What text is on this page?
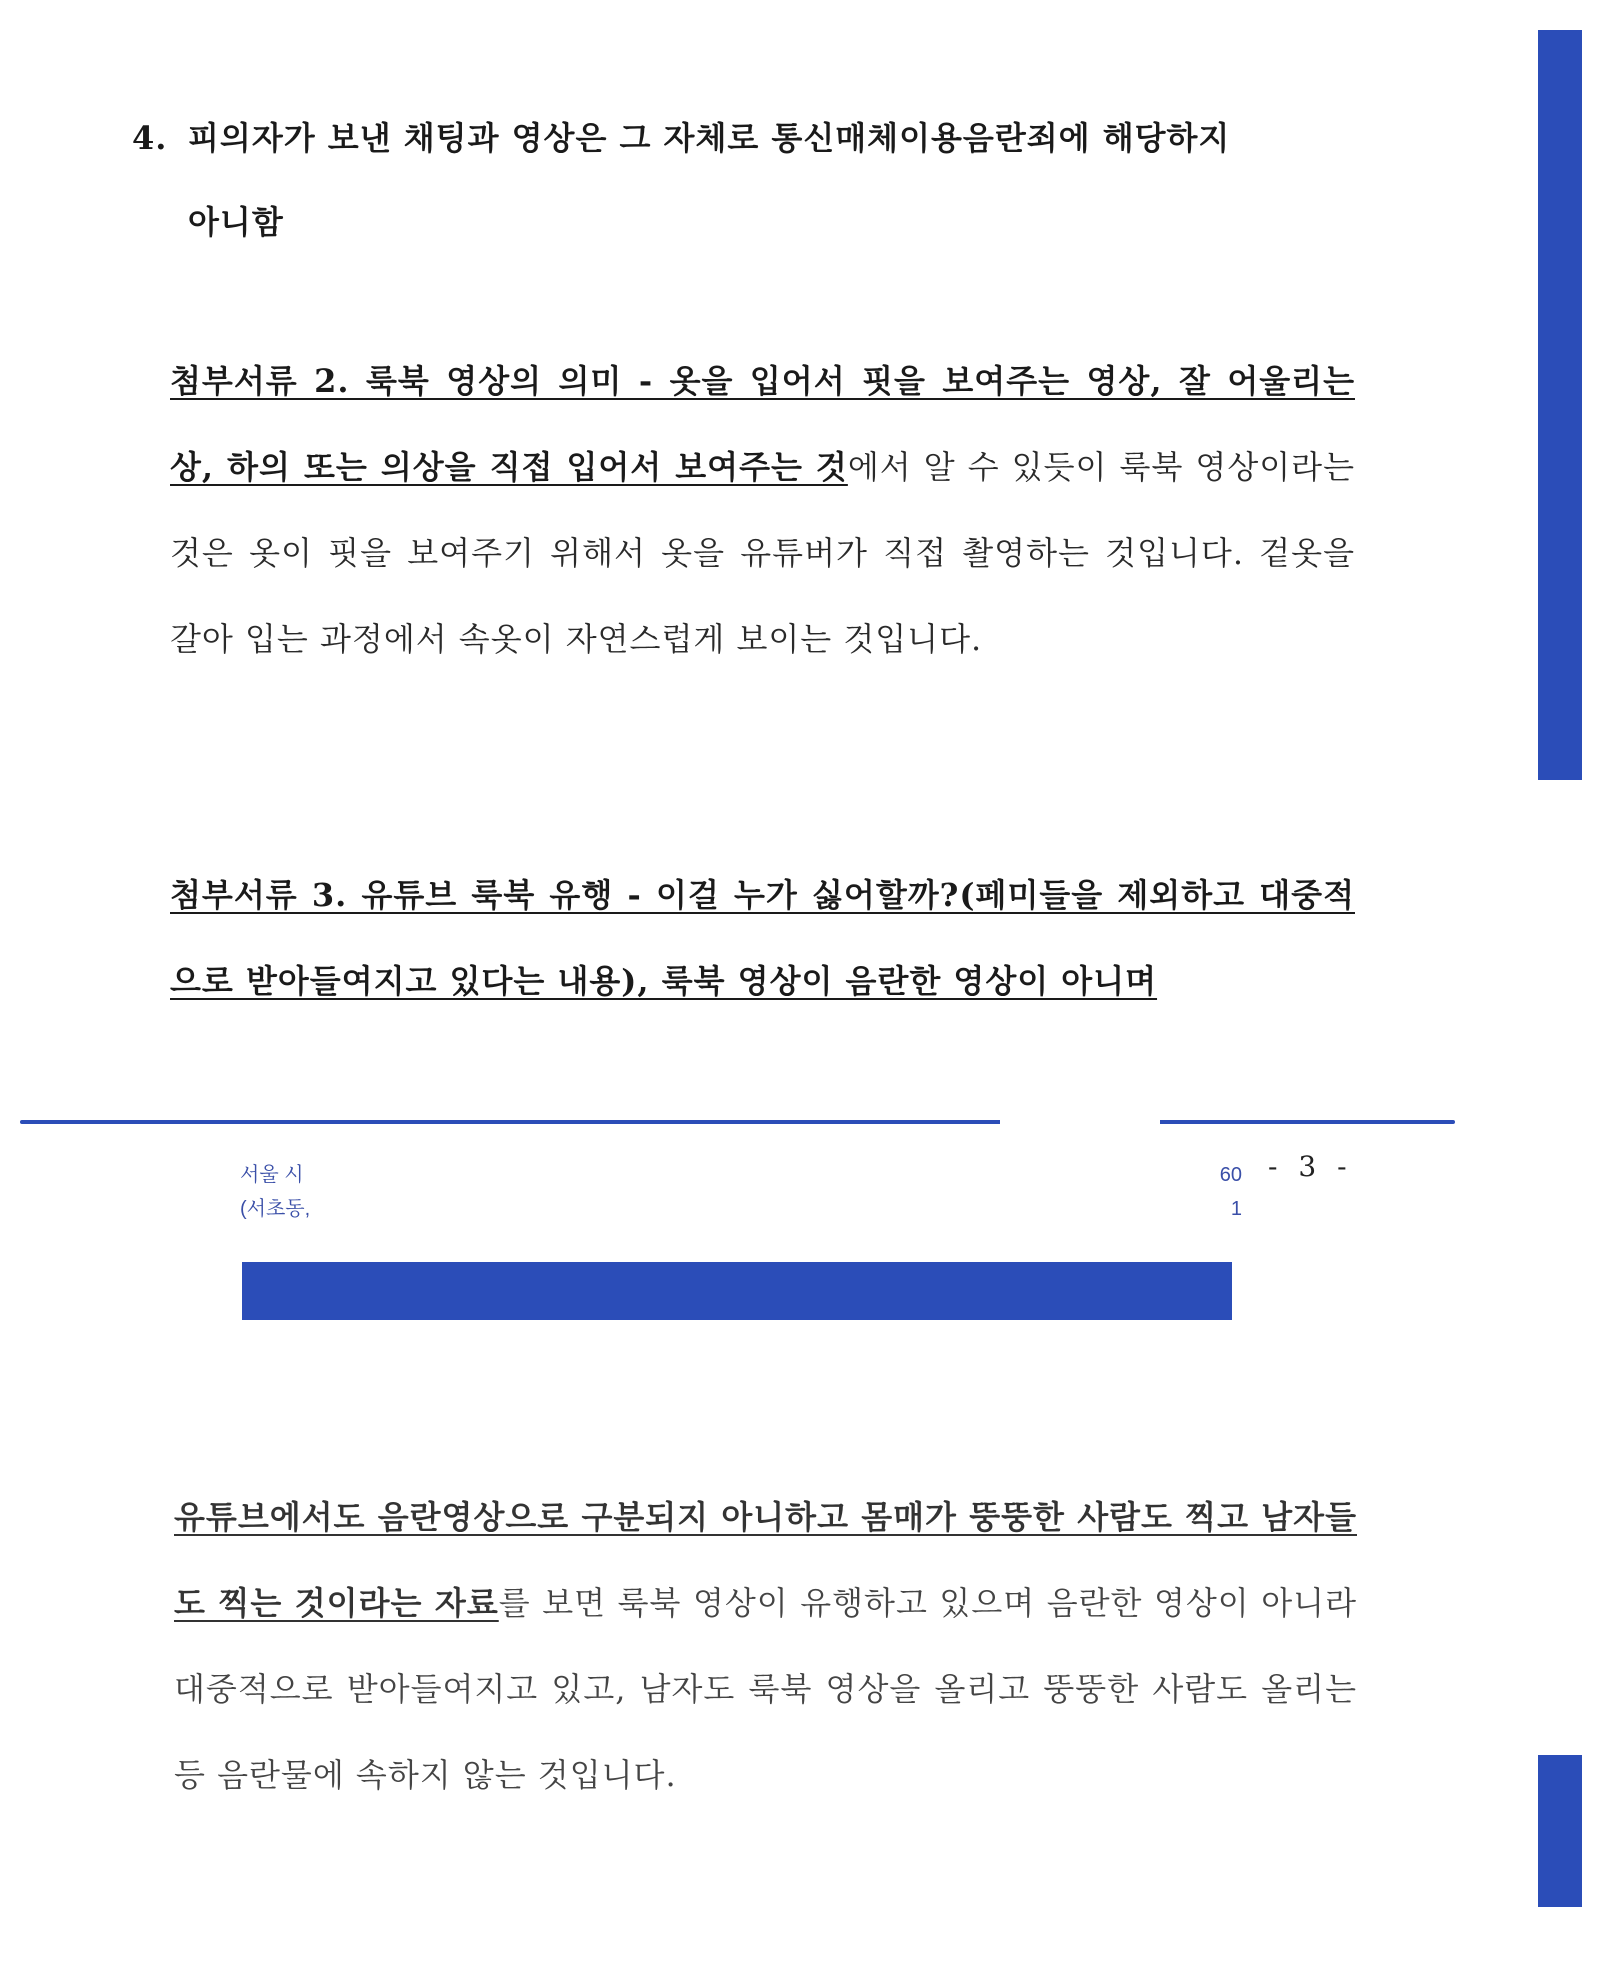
4. 피의자가 보낸 채팅과 영상은 그 자체로 통신매체이용음란죄에 해당하지
아니함
첨부서류 2. 룩북 영상의 의미 - 옷을 입어서 핏을 보여주는 영상, 잘 어울리는 상, 하의 또는 의상을 직접 입어서 보여주는 것에서 알 수 있듯이 룩북 영상이라는 것은 옷이 핏을 보여주기 위해서 옷을 유튜버가 직접 촬영하는 것입니다. 겉옷을 갈아 입는 과정에서 속옷이 자연스럽게 보이는 것입니다.
첨부서류 3. 유튜브 룩북 유행 - 이걸 누가 싫어할까?(페미들을 제외하고 대중적으로 받아들여지고 있다는 내용), 룩북 영상이 음란한 영상이 아니며
서울 시
(서초동,
60
1
- 3 -
유튜브에서도 음란영상으로 구분되지 아니하고 몸매가 뚱뚱한 사람도 찍고 남자들도 찍는 것이라는 자료를 보면 룩북 영상이 유행하고 있으며 음란한 영상이 아니라 대중적으로 받아들여지고 있고, 남자도 룩북 영상을 올리고 뚱뚱한 사람도 올리는 등 음란물에 속하지 않는 것입니다.
